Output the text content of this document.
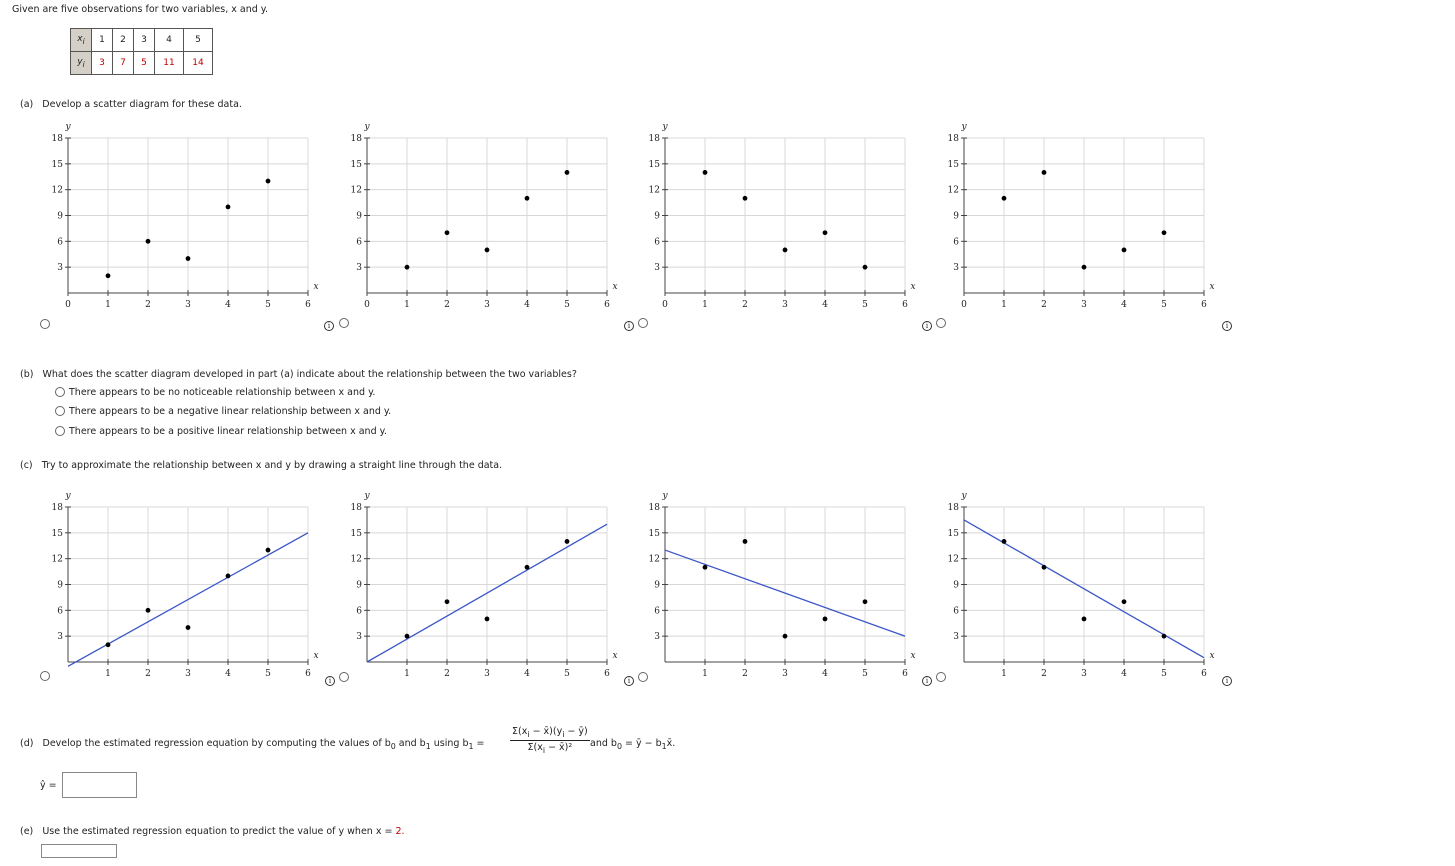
Given are five observations for two variables, x and y.
$x_i$	1	2	3	4	5
$y_i$	3	7	5	11	14
(a) Develop a scatter diagram for these data.
3
6
9
12
15
18
0	1	2	3	4	5	6
y
x
3
6
9
12
15
18
0	1	2	3	4	5	6
y
x
3
6
9
12
15
18
0	1	2	3	4	5	6
y
x
3
6
9
12
15
18
0	1	2	3	4	5	6
y
x
3
6
9
12
15
18
1	2	3	4	5	6
y
x
3
6
9
12
15
18
1	2	3	4	5	6
y
x
3
6
9
12
15
18
1	2	3	4	5	6
y
x
3
6
9
12
15
18
1	2	3	4	5	6
y
x
i	i	i	i
(b) What does the scatter diagram developed in part (a) indicate about the relationship between the two variables?
There appears to be no noticeable relationship between x and y.
There appears to be a negative linear relationship between x and y.
There appears to be a positive linear relationship between x and y.
(c) Try to approximate the relationship between x and y by drawing a straight line through the data.
i	i	i	i
(d) Develop the estimated regression equation by computing the values of $b_0$ and $b_1$ using $b_1$ =	$\frac{\Sigma(x_i - x̄)(y_i - ȳ)}{\Sigma(x_i - x̄)^2}$ and $b_0$ = ȳ − $b_1x̄$.
ŷ =
(e) Use the estimated regression equation to predict the value of y when x = 2.
